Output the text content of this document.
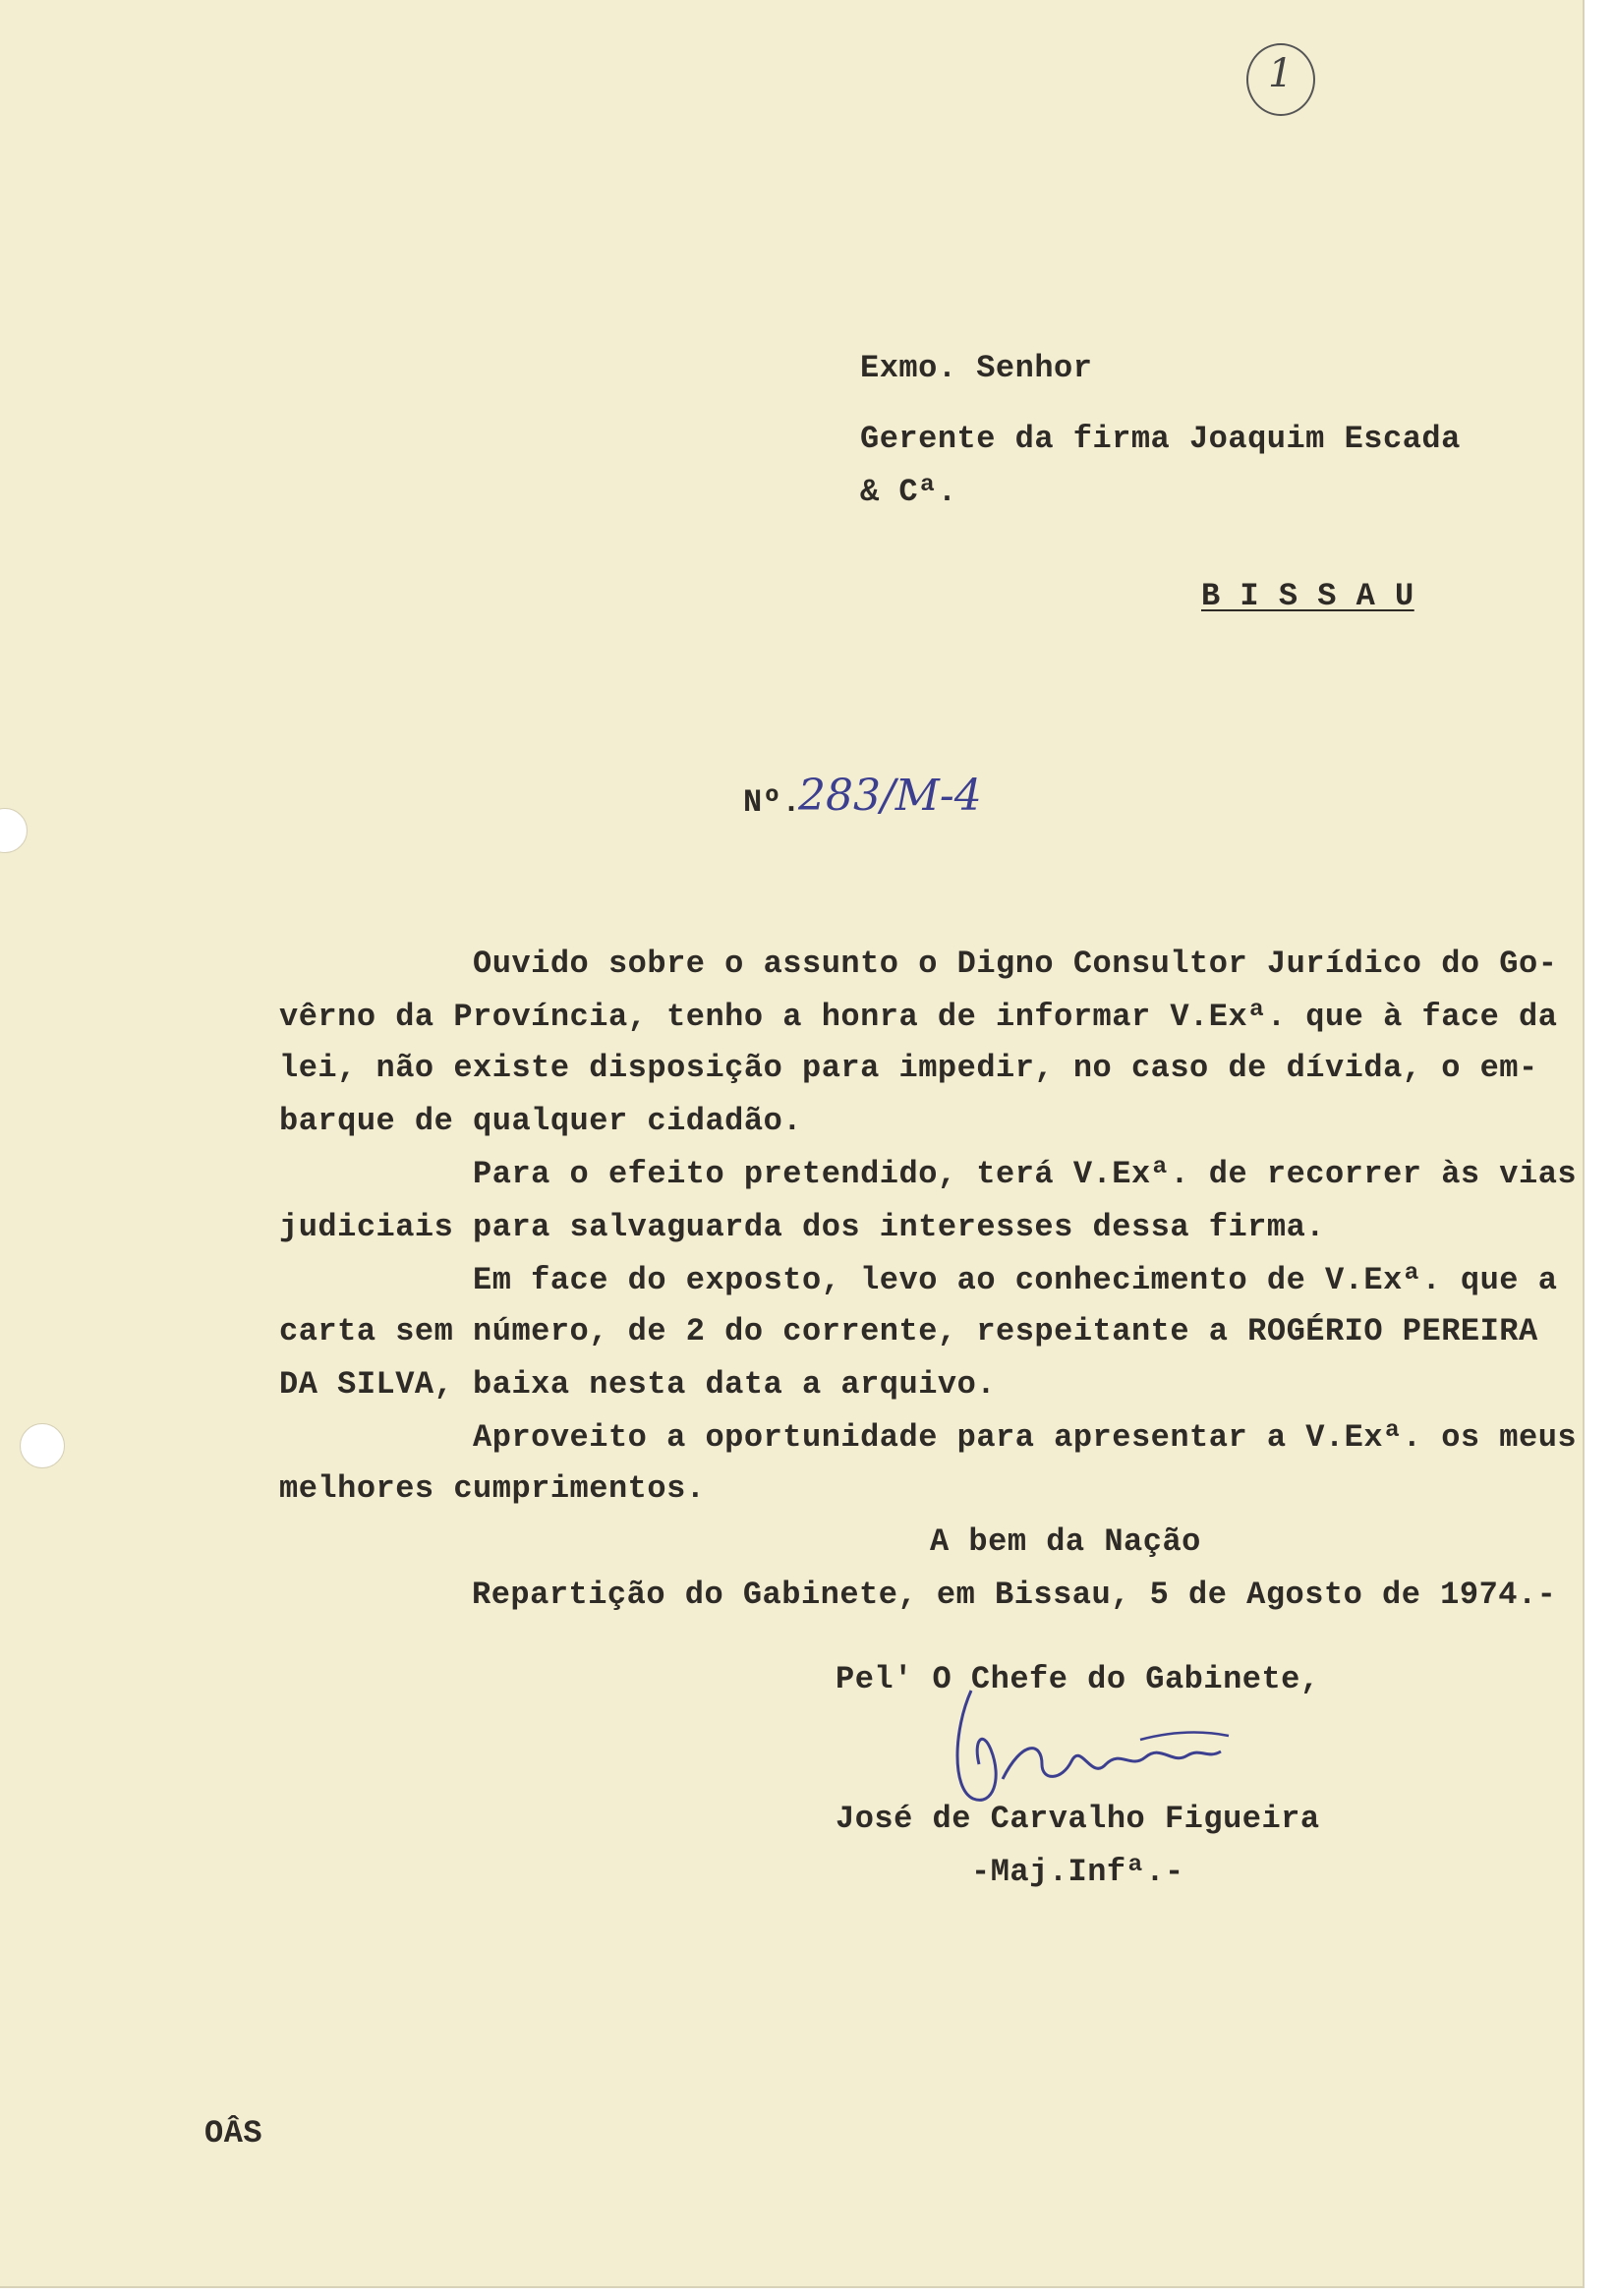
1
Exmo. Senhor
Gerente da firma Joaquim Escada
& Cª.
B I S S A U
Nº.
283/M-4
Ouvido sobre o assunto o Digno Consultor Jurídico do Go-
vêrno da Província, tenho a honra de informar V.Exª. que à face da
lei, não existe disposição para impedir, no caso de dívida, o em-
barque de qualquer cidadão.
Para o efeito pretendido, terá V.Exª. de recorrer às vias
judiciais para salvaguarda dos interesses dessa firma.
Em face do exposto, levo ao conhecimento de V.Exª. que a
carta sem número, de 2 do corrente, respeitante a ROGÉRIO PEREIRA
DA SILVA, baixa nesta data a arquivo.
Aproveito a oportunidade para apresentar a V.Exª. os meus
melhores cumprimentos.
A bem da Nação
Repartição do Gabinete, em Bissau, 5 de Agosto de 1974.-
Pel' O Chefe do Gabinete,
José de Carvalho Figueira
-Maj.Infª.-
OÂS
